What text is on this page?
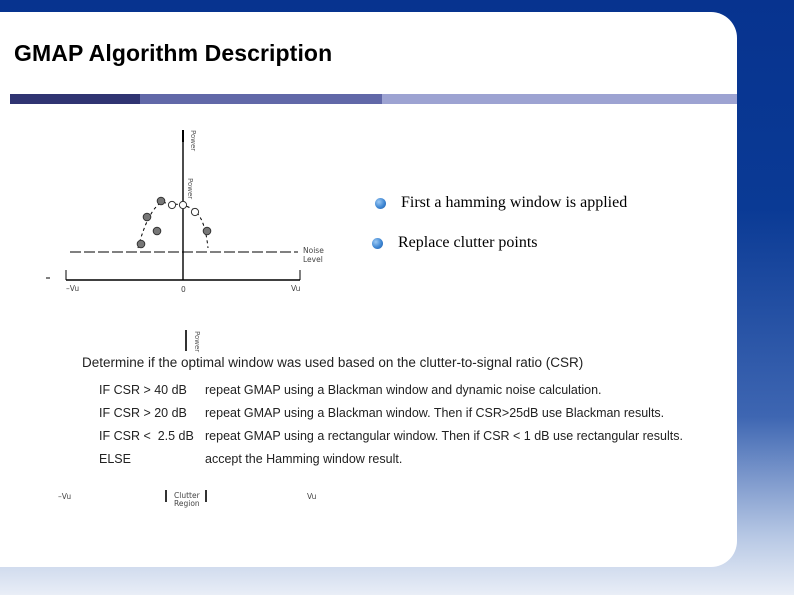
GMAP Algorithm Description
Power
Power
Noise
Level
–Vu	0	Vu
Power
–Vu	Vu
Clutter
Region
First a hamming window is applied
Replace clutter points

Determine if the optimal window was used based on the clutter-to-signal ratio (CSR)

IF CSR > 40 dB	repeat GMAP using a Blackman window and dynamic noise calculation.
IF CSR > 20 dB	repeat GMAP using a Blackman window. Then if CSR>25dB use Blackman results.
IF CSR <  2.5 dB repeat GMAP using a rectangular window. Then if CSR < 1 dB use rectangular results.
ELSE	accept the Hamming window result.
